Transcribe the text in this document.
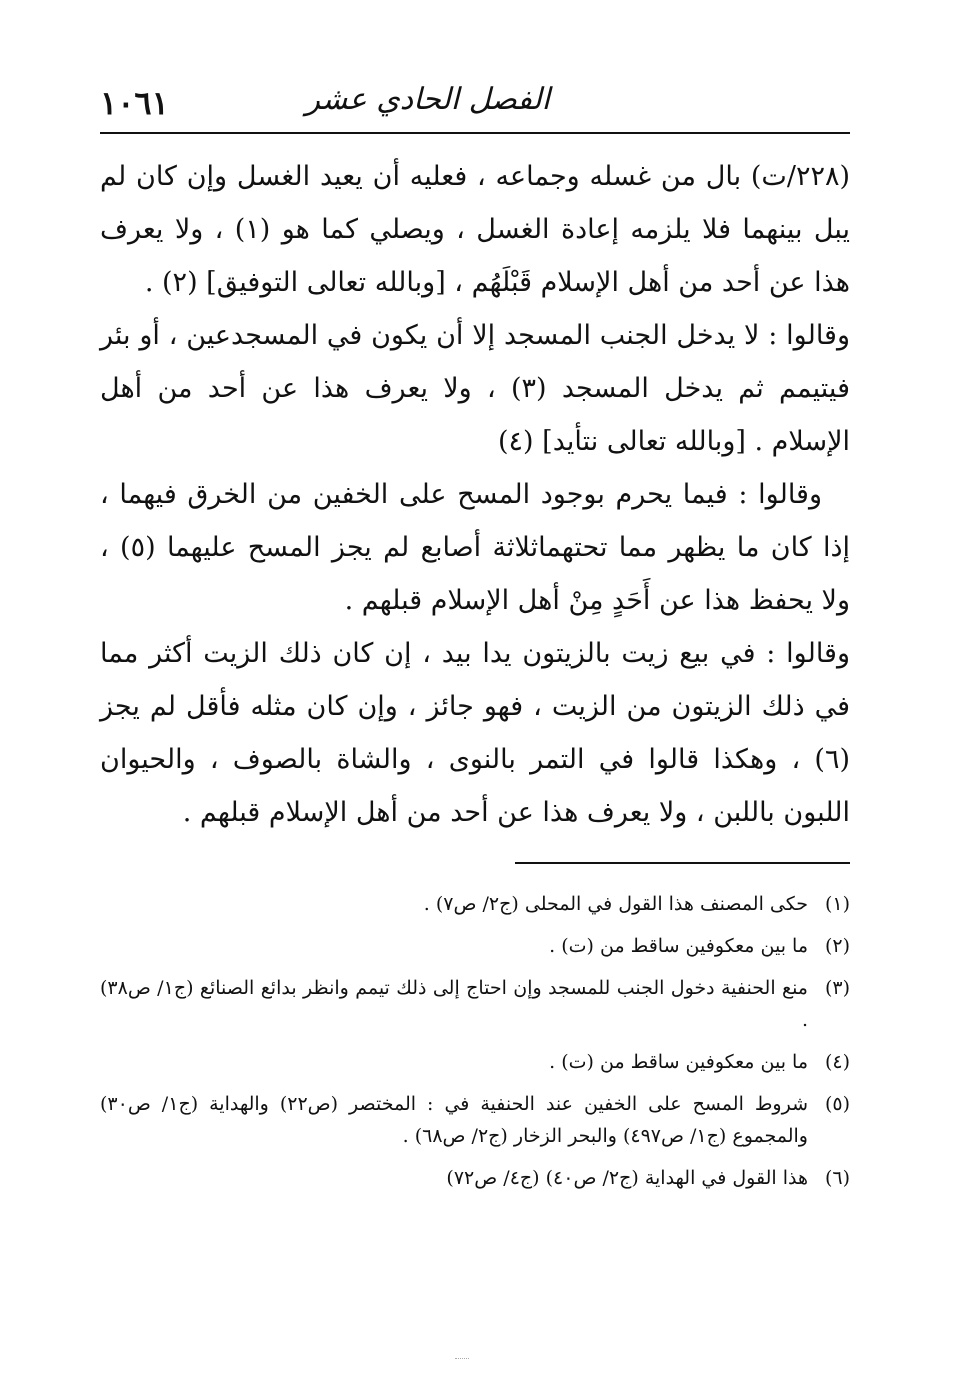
الفصل الحادي عشر
١٠٦١

(٢٢٨/ت) بال من غسله وجماعه ، فعليه أن يعيد الغسل وإن كان لم يبل بينهما فلا يلزمه إعادة الغسل ، ويصلي كما هو (١) ، ولا يعرف هذا عن أحد من أهل الإسلام قَبْلَهُم ، [وبالله تعالى التوفيق] (٢) .

وقالوا : لا يدخل الجنب المسجد إلا أن يكون في المسجدعين ، أو بئر فيتيمم ثم يدخل المسجد (٣) ، ولا يعرف هذا عن أحد من أهل الإسلام . [وبالله تعالى نتأيد] (٤)

وقالوا : فيما يحرم بوجود المسح على الخفين من الخرق فيهما ، إذا كان ما يظهر مما تحتهماثلاثة أصابع لم يجز المسح عليهما (٥) ، ولا يحفظ هذا عن أَحَدٍ مِنْ أهل الإسلام قبلهم .

وقالوا : في بيع زيت بالزيتون يدا بيد ، إن كان ذلك الزيت أكثر مما في ذلك الزيتون من الزيت ، فهو جائز ، وإن كان مثله فأقل لم يجز (٦) ، وهكذا قالوا في التمر بالنوى ، والشاة بالصوف ، والحيوان اللبون باللبن ، ولا يعرف هذا عن أحد من أهل الإسلام قبلهم .

(١)
حكى المصنف هذا القول في المحلى (ج٢/ ص٧) .
(٢)
ما بين معكوفين ساقط من (ت) .
(٣)
منع الحنفية دخول الجنب للمسجد وإن احتاج إلى ذلك تيمم وانظر بدائع الصنائع (ج١/ ص٣٨) .
(٤)
ما بين معكوفين ساقط من (ت) .
(٥)
شروط المسح على الخفين عند الحنفية في : المختصر (ص٢٢) والهداية (ج١/ ص٣٠) والمجموع (ج١/ ص٤٩٧) والبحر الزخار (ج٢/ ص٦٨) .
(٦)
هذا القول في الهداية (ج٢/ ص٤٠) (ج٤/ ص٧٢)
